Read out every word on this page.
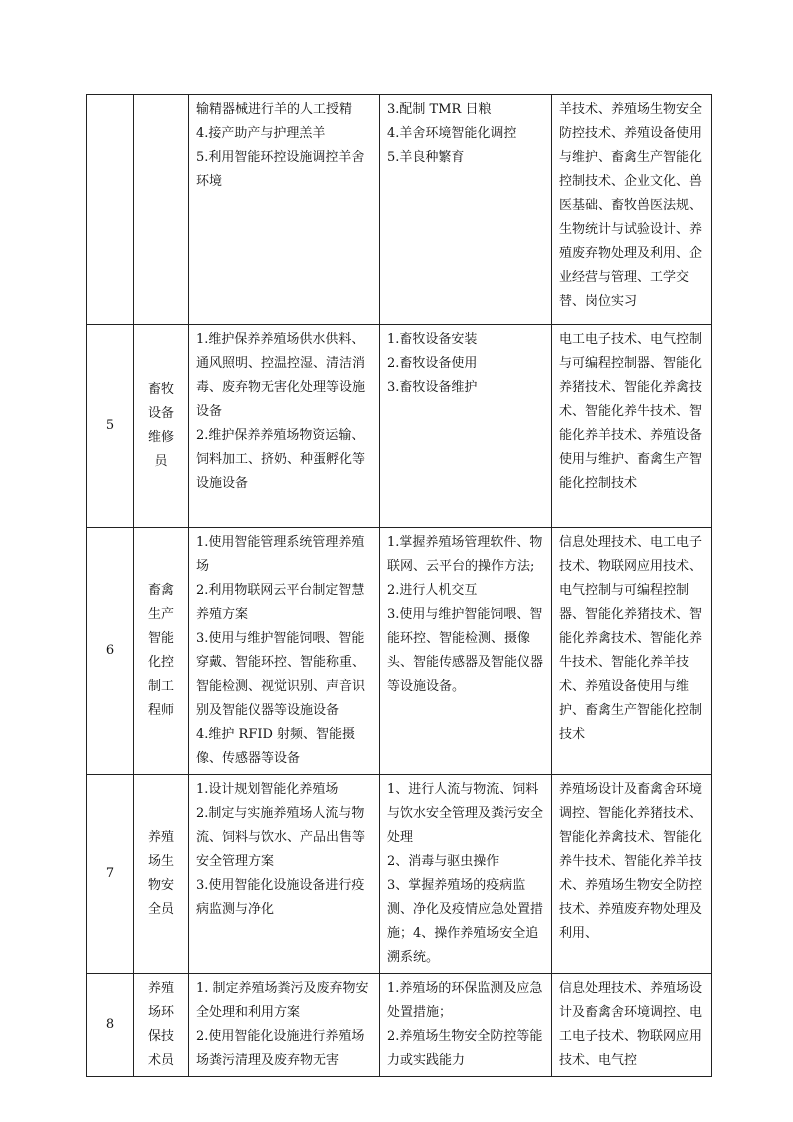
		输精器械进行羊的人工授精
4.接产助产与护理羔羊
5.利用智能环控设施调控羊舍环境	3.配制 TMR 日粮
4.羊舍环境智能化调控
5.羊良种繁育	羊技术、养殖场生物安全防控技术、养殖设备使用与维护、畜禽生产智能化控制技术、企业文化、兽医基础、畜牧兽医法规、生物统计与试验设计、养殖废弃物处理及利用、企业经营与管理、工学交替、岗位实习
5	畜牧设备维修员	1.维护保养养殖场供水供料、通风照明、控温控湿、清洁消毒、废弃物无害化处理等设施设备
2.维护保养养殖场物资运输、饲料加工、挤奶、种蛋孵化等设施设备	1.畜牧设备安装
2.畜牧设备使用
3.畜牧设备维护	电工电子技术、电气控制与可编程控制器、智能化养猪技术、智能化养禽技术、智能化养牛技术、智能化养羊技术、养殖设备使用与维护、畜禽生产智能化控制技术
6	畜禽生产智能化控制工程师	1.使用智能管理系统管理养殖场
2.利用物联网云平台制定智慧养殖方案
3.使用与维护智能饲喂、智能穿戴、智能环控、智能称重、智能检测、视觉识别、声音识别及智能仪器等设施设备
4.维护 RFID 射频、智能摄像、传感器等设备	1.掌握养殖场管理软件、物联网、云平台的操作方法;
2.进行人机交互
3.使用与维护智能饲喂、智能环控、智能检测、摄像头、智能传感器及智能仪器等设施设备。	信息处理技术、电工电子技术、物联网应用技术、电气控制与可编程控制器、智能化养猪技术、智能化养禽技术、智能化养牛技术、智能化养羊技术、养殖设备使用与维护、畜禽生产智能化控制技术
7	养殖场生物安全员	1.设计规划智能化养殖场
2.制定与实施养殖场人流与物流、饲料与饮水、产品出售等安全管理方案
3.使用智能化设施设备进行疫病监测与净化	1、进行人流与物流、饲料与饮水安全管理及粪污安全处理
2、消毒与驱虫操作
3、掌握养殖场的疫病监测、净化及疫情应急处置措施；4、操作养殖场安全追溯系统。	养殖场设计及畜禽舍环境调控、智能化养猪技术、智能化养禽技术、智能化养牛技术、智能化养羊技术、养殖场生物安全防控技术、养殖废弃物处理及利用、
8	养殖场环保技术员	1. 制定养殖场粪污及废弃物安全处理和利用方案
2.使用智能化设施进行养殖场场粪污清理及废弃物无害	1.养殖场的环保监测及应急处置措施；
2.养殖场生物安全防控等能力或实践能力	信息处理技术、养殖场设计及畜禽舍环境调控、电工电子技术、物联网应用技术、电气控
